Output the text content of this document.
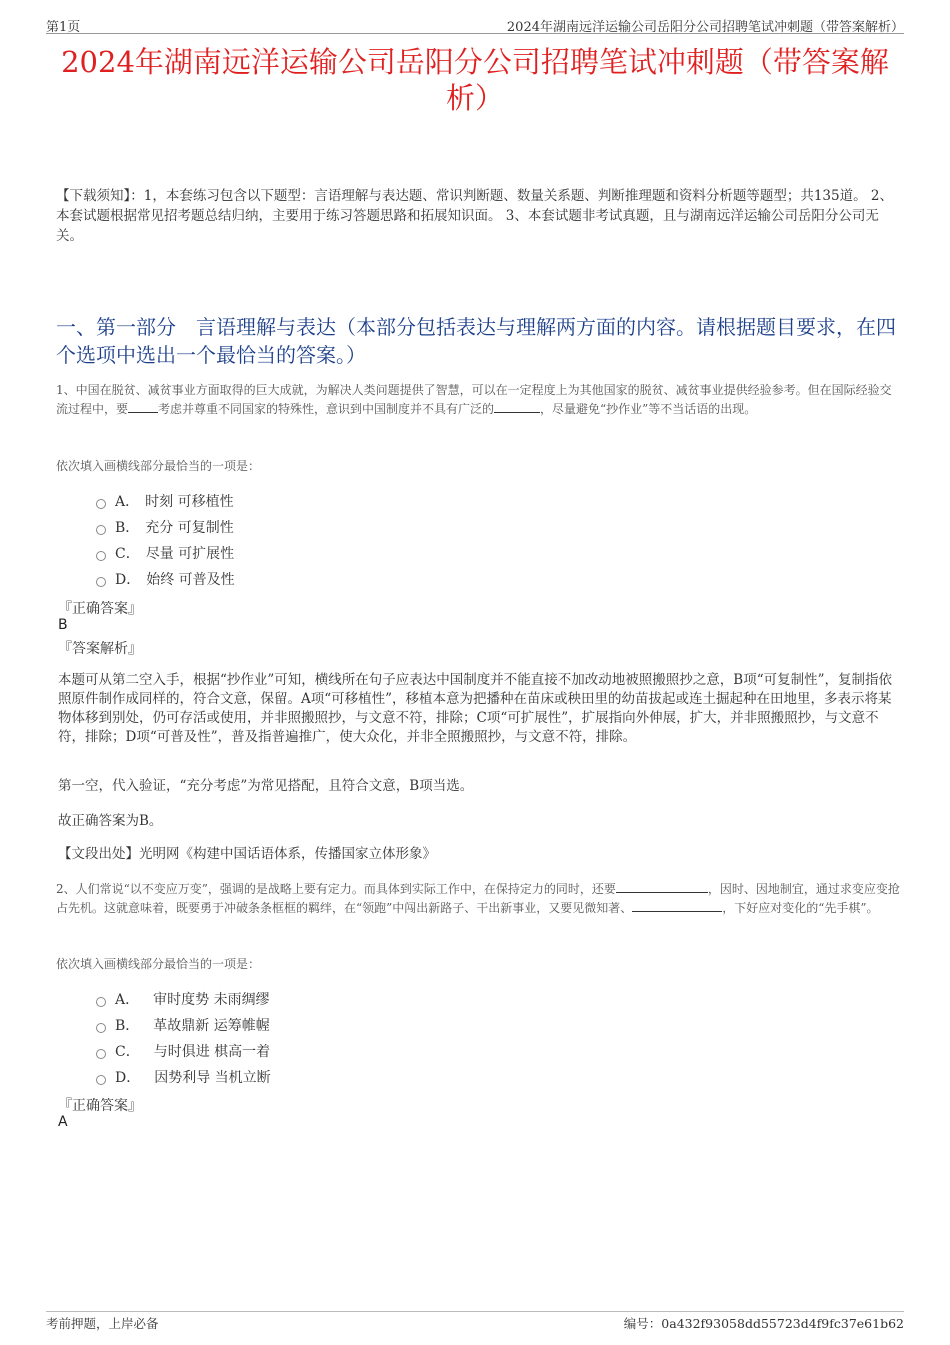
第1页	2024年湖南远洋运输公司岳阳分公司招聘笔试冲刺题（带答案解析）
2024年湖南远洋运输公司岳阳分公司招聘笔试冲刺题（带答案解析）
【下载须知】：1，本套练习包含以下题型：言语理解与表达题、常识判断题、数量关系题、判断推理题和资料分析题等题型；共135道。 2、本套试题根据常见招考题总结归纳，主要用于练习答题思路和拓展知识面。 3、本套试题非考试真题，且与湖南远洋运输公司岳阳分公司无关。
一、第一部分　言语理解与表达（本部分包括表达与理解两方面的内容。请根据题目要求，在四个选项中选出一个最恰当的答案。）
1、中国在脱贫、减贫事业方面取得的巨大成就，为解决人类问题提供了智慧，可以在一定程度上为其他国家的脱贫、减贫事业提供经验参考。但在国际经验交流过程中，要	考虑并尊重不同国家的特殊性，意识到中国制度并不具有广泛的	，尽量避免“抄作业”等不当话语的出现。
依次填入画横线部分最恰当的一项是：
A． 时刻 可移植性
B． 充分 可复制性
C． 尽量 可扩展性
D． 始终 可普及性
『正确答案』
B
『答案解析』
本题可从第二空入手，根据“抄作业”可知，横线所在句子应表达中国制度并不能直接不加改动地被照搬照抄之意，B项“可复制性”，复制指依照原件制作成同样的，符合文意，保留。A项“可移植性”，移植本意为把播种在苗床或秧田里的幼苗拔起或连土掘起种在田地里，多表示将某物体移到别处，仍可存活或使用，并非照搬照抄，与文意不符，排除；C项“可扩展性”，扩展指向外伸展，扩大，并非照搬照抄，与文意不符，排除；D项“可普及性”，普及指普遍推广，使大众化，并非全照搬照抄，与文意不符，排除。
第一空，代入验证，“充分考虑”为常见搭配，且符合文意，B项当选。
故正确答案为B。
【文段出处】光明网《构建中国话语体系，传播国家立体形象》
2、人们常说“以不变应万变”，强调的是战略上要有定力。而具体到实际工作中，在保持定力的同时，还要	，因时、因地制宜，通过求变应变抢占先机。这就意味着，既要勇于冲破条条框框的羁绊，在“领跑”中闯出新路子、干出新事业，又要见微知著、	，下好应对变化的“先手棋”。
依次填入画横线部分最恰当的一项是：
A． 审时度势 未雨绸缪
B． 革故鼎新 运筹帷幄
C． 与时俱进 棋高一着
D． 因势利导 当机立断
『正确答案』
A
考前押题，上岸必备	编号：0a432f93058dd55723d4f9fc37e61b62
